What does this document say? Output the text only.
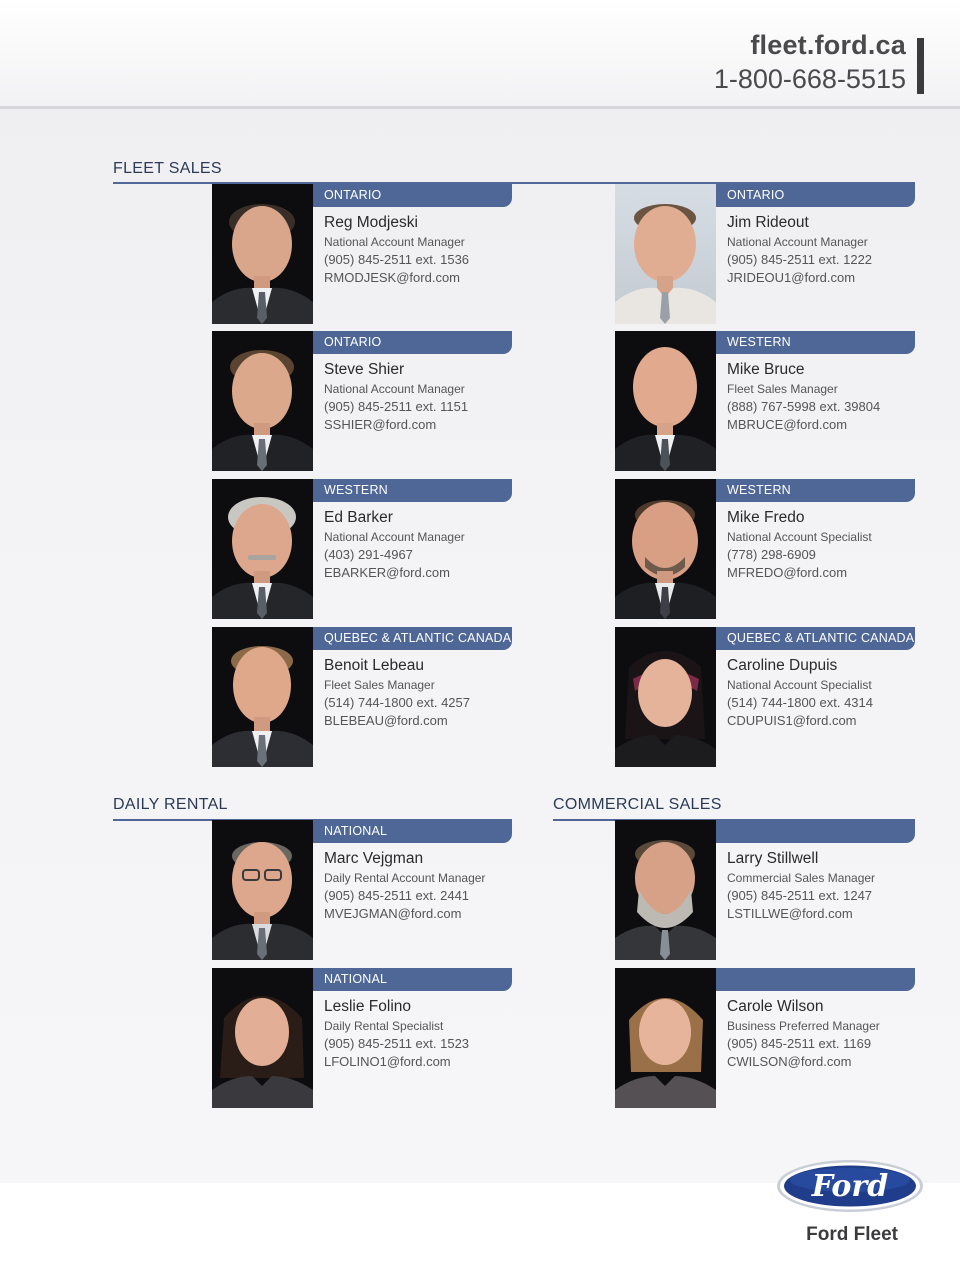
fleet.ford.ca
1-800-668-5515
FLEET SALES
DAILY RENTAL	COMMERCIAL SALES
ONTARIO
Reg Modjeski
National Account Manager
(905) 845-2511 ext. 1536
RMODJESK@ford.com
ONTARIO
Jim Rideout
National Account Manager
(905) 845-2511 ext. 1222
JRIDEOU1@ford.com
ONTARIO
Steve Shier
National Account Manager
(905) 845-2511 ext. 1151
SSHIER@ford.com
WESTERN
Mike Bruce
Fleet Sales Manager
(888) 767-5998 ext. 39804
MBRUCE@ford.com
WESTERN
Ed Barker
National Account Manager
(403) 291-4967
EBARKER@ford.com
WESTERN
Mike Fredo
National Account Specialist
(778) 298-6909
MFREDO@ford.com
QUEBEC & ATLANTIC CANADA
Benoit Lebeau
Fleet Sales Manager
(514) 744-1800 ext. 4257
BLEBEAU@ford.com
QUEBEC & ATLANTIC CANADA
Caroline Dupuis
National Account Specialist
(514) 744-1800 ext. 4314
CDUPUIS1@ford.com
NATIONAL
Marc Vejgman
Daily Rental Account Manager
(905) 845-2511 ext. 2441
MVEJGMAN@ford.com
Larry Stillwell
Commercial Sales Manager
(905) 845-2511 ext. 1247
LSTILLWE@ford.com
NATIONAL
Leslie Folino
Daily Rental Specialist
(905) 845-2511 ext. 1523
LFOLINO1@ford.com
Carole Wilson
Business Preferred Manager
(905) 845-2511 ext. 1169
CWILSON@ford.com
Ford
Ford Fleet
